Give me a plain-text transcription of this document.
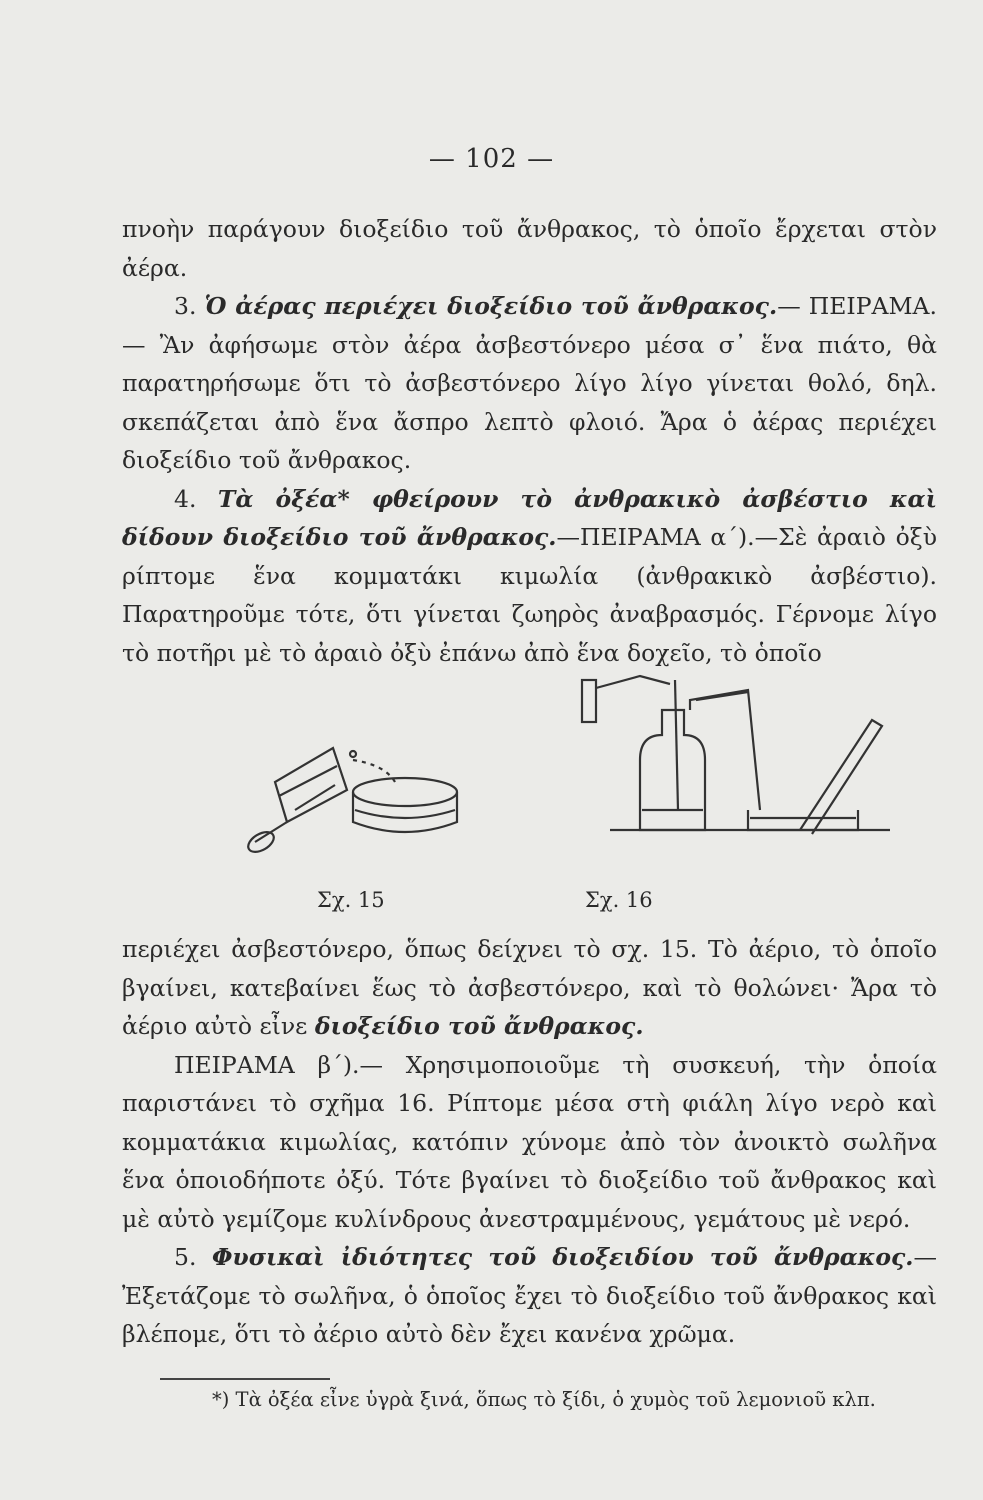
— 102 —

πνοὴν παράγουν διοξείδιο τοῦ ἄνθρακος, τὸ ὁποῖο ἔρχεται στὸν ἀέρα.

3. Ὁ ἀέρας περιέχει διοξείδιο τοῦ ἄνθρακος.— ΠΕΙΡΑΜΑ.— Ἂν ἀφήσωμε στὸν ἀέρα ἀσβεστόνερο μέσα σ᾿ ἕνα πιάτο, θὰ παρατηρήσωμε ὅτι τὸ ἀσβεστόνερο λίγο λίγο γίνεται θολό, δηλ. σκεπάζεται ἀπὸ ἕνα ἄσπρο λεπτὸ φλοιό. Ἄρα ὁ ἀέρας περιέχει διοξείδιο τοῦ ἄνθρακος.

4. Τὰ ὀξέα* φθείρουν τὸ ἀνθρακικὸ ἀσβέστιο καὶ δίδουν διοξείδιο τοῦ ἄνθρακος.—ΠΕΙΡΑΜΑ α΄).—Σὲ ἀραιὸ ὀξὺ ρίπτομε ἕνα κομματάκι κιμωλία (ἀνθρακικὸ ἀσβέστιο). Παρατηροῦμε τότε, ὅτι γίνεται ζωηρὸς ἀναβρασμός. Γέρνομε λίγο τὸ ποτῆρι μὲ τὸ ἀραιὸ ὀξὺ ἐπάνω ἀπὸ ἕνα δοχεῖο, τὸ ὁποῖο

Σχ. 15	Σχ. 16

περιέχει ἀσβεστόνερο, ὅπως δείχνει τὸ σχ. 15. Τὸ ἀέριο, τὸ ὁποῖο βγαίνει, κατεβαίνει ἕως τὸ ἀσβεστόνερο, καὶ τὸ θολώνει· Ἄρα τὸ ἀέριο αὐτὸ εἶνε διοξείδιο τοῦ ἄνθρακος.

ΠΕΙΡΑΜΑ β΄).— Χρησιμοποιοῦμε τὴ συσκευή, τὴν ὁποία παριστάνει τὸ σχῆμα 16. Ρίπτομε μέσα στὴ φιάλη λίγο νερὸ καὶ κομματάκια κιμωλίας, κατόπιν χύνομε ἀπὸ τὸν ἀνοικτὸ σωλῆνα ἕνα ὁποιοδήποτε ὀξύ. Τότε βγαίνει τὸ διοξείδιο τοῦ ἄνθρακος καὶ μὲ αὐτὸ γεμίζομε κυλίνδρους ἀνεστραμμένους, γεμάτους μὲ νερό.

5. Φυσικαὶ ἰδιότητες τοῦ διοξειδίου τοῦ ἄνθρακος.— Ἐξετάζομε τὸ σωλῆνα, ὁ ὁποῖος ἔχει τὸ διοξείδιο τοῦ ἄνθρακος καὶ βλέπομε, ὅτι τὸ ἀέριο αὐτὸ δὲν ἔχει κανένα χρῶμα.

*) Τὰ ὀξέα εἶνε ὑγρὰ ξινά, ὅπως τὸ ξίδι, ὁ χυμὸς τοῦ λεμονιοῦ κλπ.
